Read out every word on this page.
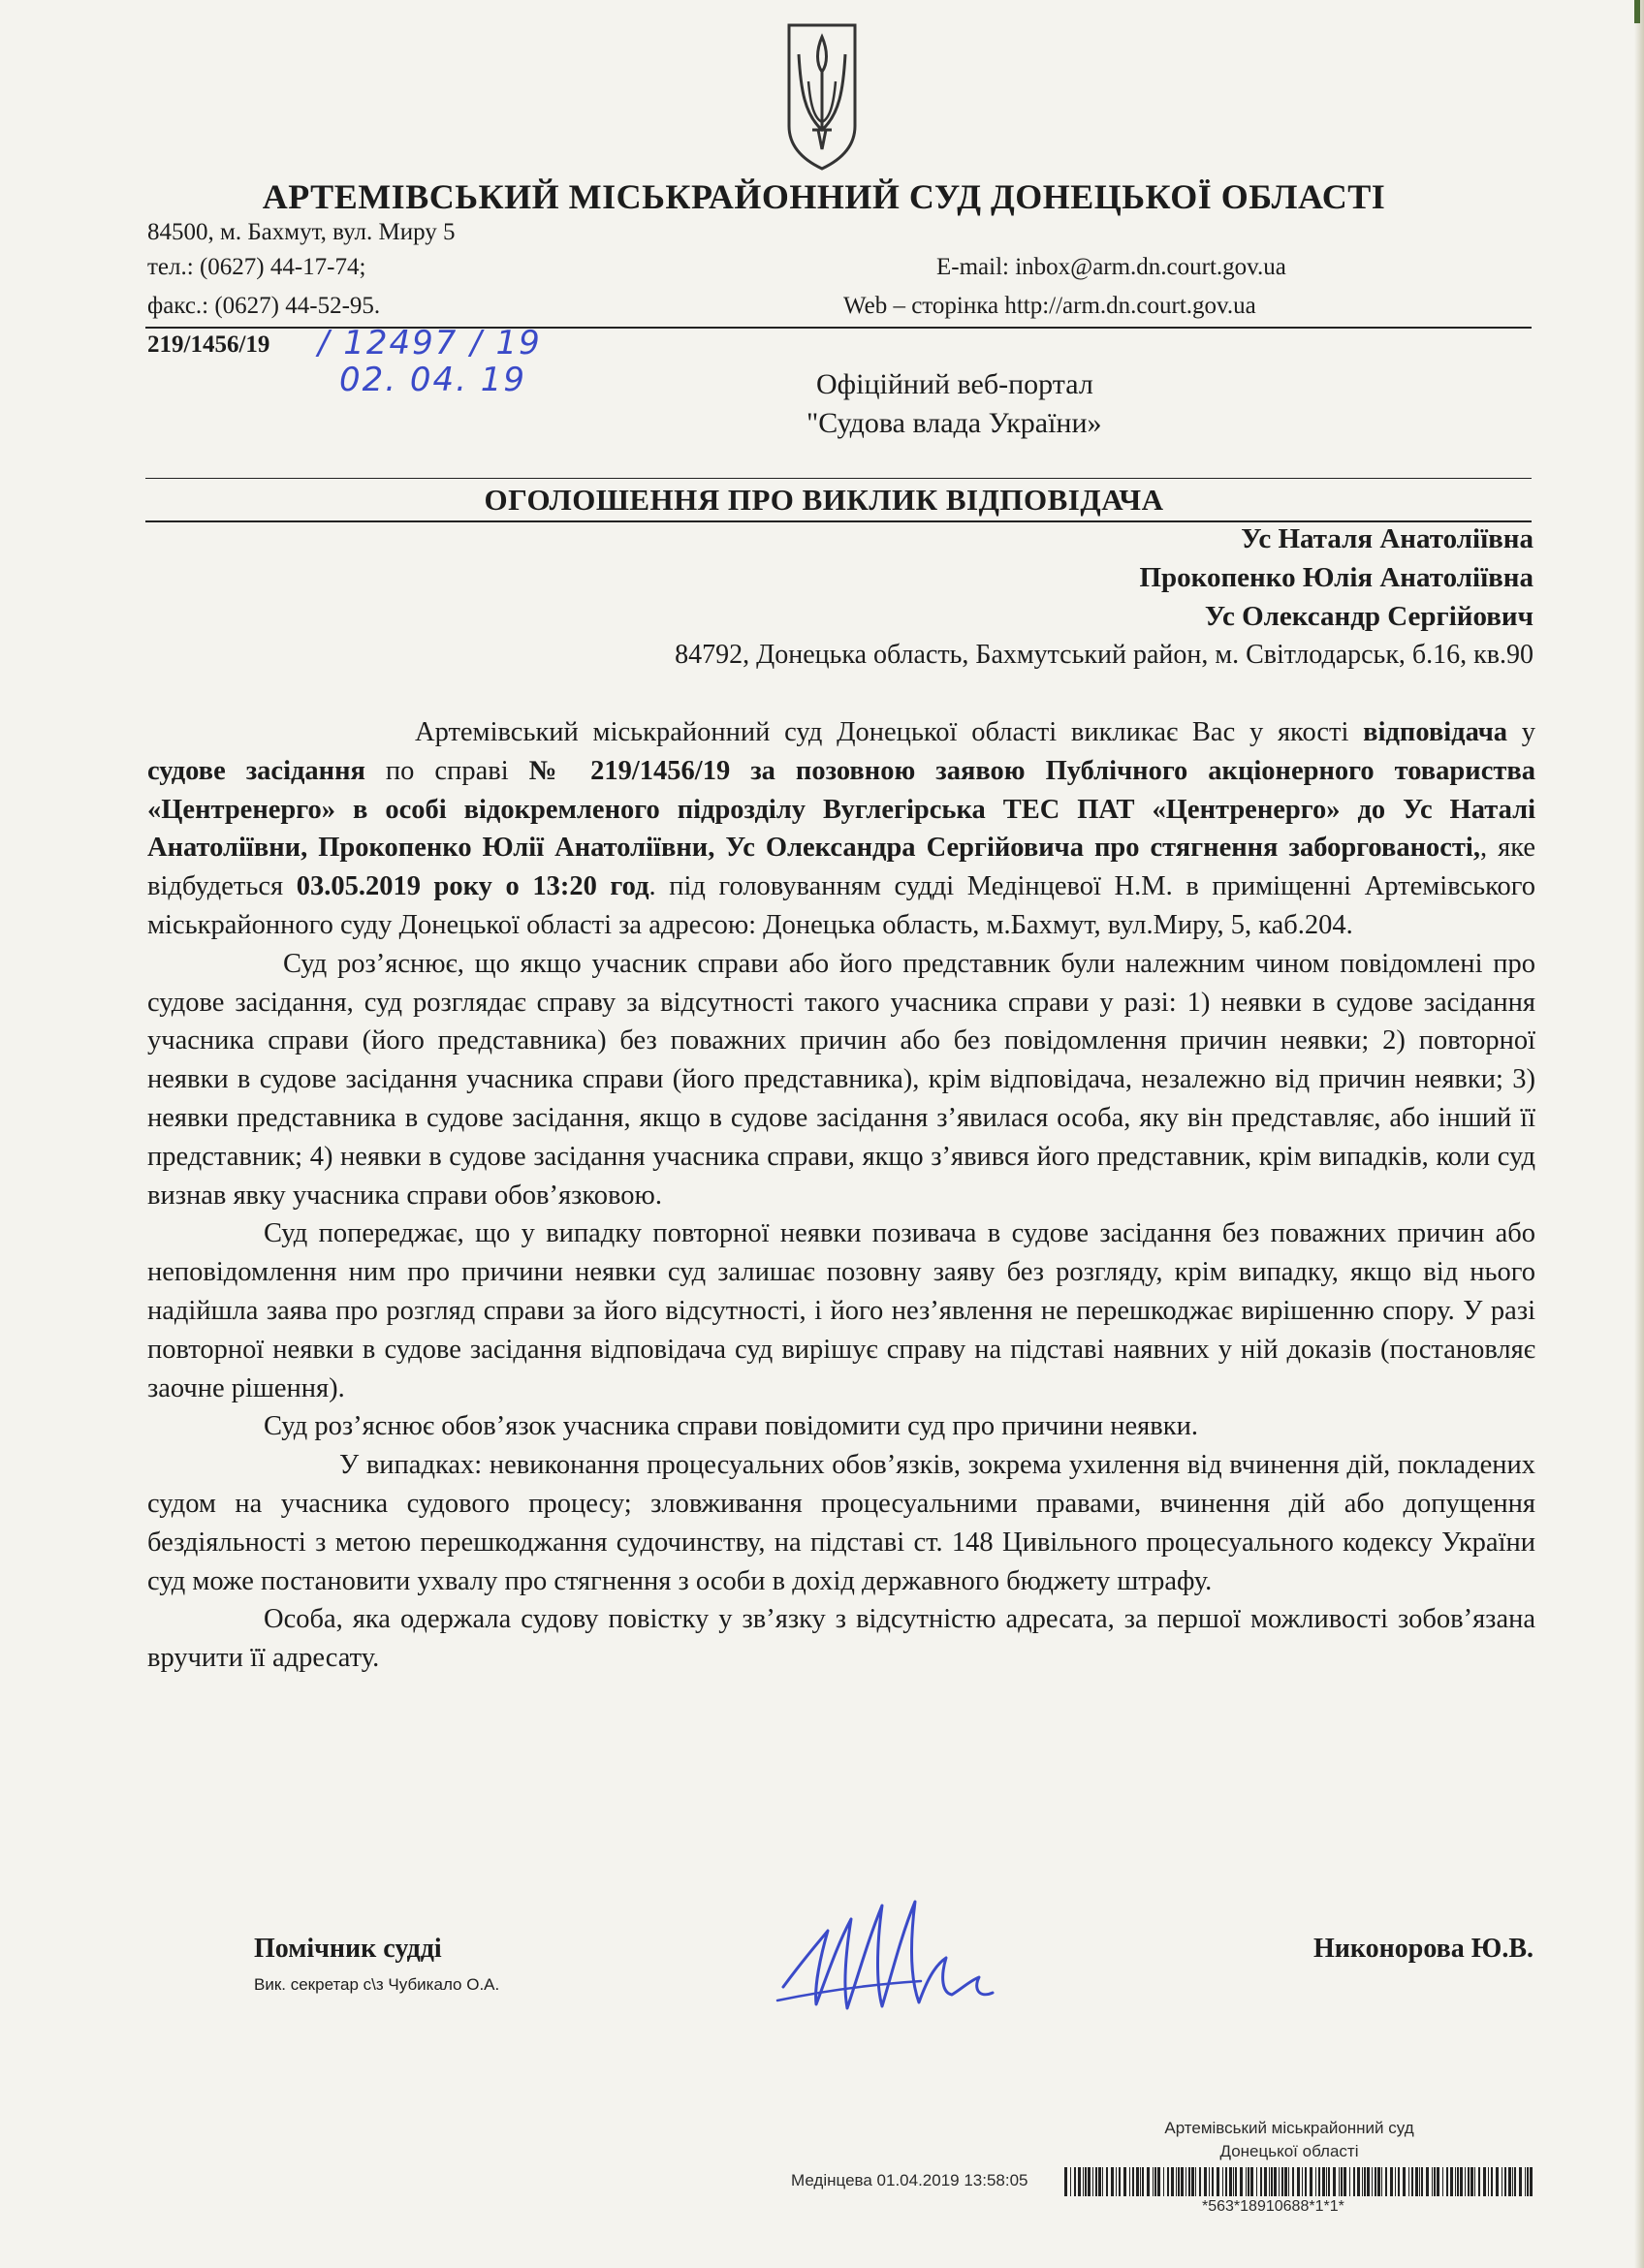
АРТЕМІВСЬКИЙ МІСЬКРАЙОННИЙ СУД ДОНЕЦЬКОЇ ОБЛАСТІ
84500, м. Бахмут, вул. Миру 5
тел.: (0627) 44-17-74;
факс.: (0627) 44-52-95.
E-mail: inbox@arm.dn.court.gov.ua
Web – сторінка http://arm.dn.court.gov.ua
219/1456/19 / 12497 / 19
02. 04. 19	Офіційний веб-портал
"Судова влада України»
ОГОЛОШЕННЯ ПРО ВИКЛИК ВІДПОВІДАЧА
Ус Наталя Анатоліївна
Прокопенко Юлія Анатоліївна
Ус Олександр Сергійович
84792, Донецька область, Бахмутський район, м. Світлодарськ, б.16, кв.90

Артемівський міськрайонний суд Донецької області викликає Вас у якості відповідача у судове засідання по справі № 219/1456/19 за позовною заявою Публічного акціонерного товариства «Центренерго» в особі відокремленого підрозділу Вуглегірська ТЕС ПАТ «Центренерго» до Ус Наталі Анатоліївни, Прокопенко Юлії Анатоліївни, Ус Олександра Сергійовича про стягнення заборгованості,, яке відбудеться 03.05.2019 року о 13:20 год. під головуванням судді Медінцевої Н.М. в приміщенні Артемівського міськрайонного суду Донецької області за адресою: Донецька область, м.Бахмут, вул.Миру, 5, каб.204.

Суд роз’яснює, що якщо учасник справи або його представник були належним чином повідомлені про судове засідання, суд розглядає справу за відсутності такого учасника справи у разі: 1) неявки в судове засідання учасника справи (його представника) без поважних причин або без повідомлення причин неявки; 2) повторної неявки в судове засідання учасника справи (його представника), крім відповідача, незалежно від причин неявки; 3) неявки представника в судове засідання, якщо в судове засідання з’явилася особа, яку він представляє, або інший її представник; 4) неявки в судове засідання учасника справи, якщо з’явився його представник, крім випадків, коли суд визнав явку учасника справи обов’язковою.

Суд попереджає, що у випадку повторної неявки позивача в судове засідання без поважних причин або неповідомлення ним про причини неявки суд залишає позовну заяву без розгляду, крім випадку, якщо від нього надійшла заява про розгляд справи за його відсутності, і його нез’явлення не перешкоджає вирішенню спору. У разі повторної неявки в судове засідання відповідача суд вирішує справу на підставі наявних у ній доказів (постановляє заочне рішення).

Суд роз’яснює обов’язок учасника справи повідомити суд про причини неявки.

У випадках: невиконання процесуальних обов’язків, зокрема ухилення від вчинення дій, покладених судом на учасника судового процесу; зловживання процесуальними правами, вчинення дій або допущення бездіяльності з метою перешкоджання судочинству, на підставі ст. 148 Цивільного процесуального кодексу України суд може постановити ухвалу про стягнення з особи в дохід державного бюджету штрафу.

Особа, яка одержала судову повістку у зв’язку з відсутністю адресата, за першої можливості зобов’язана вручити її адресату.

Помічник судді
Вик. секретар с\з Чубикало О.А.
Никонорова Ю.В.
Артемівський міськрайонний суд
Донецької області
Медінцева 01.04.2019 13:58:05
*563*18910688*1*1*
